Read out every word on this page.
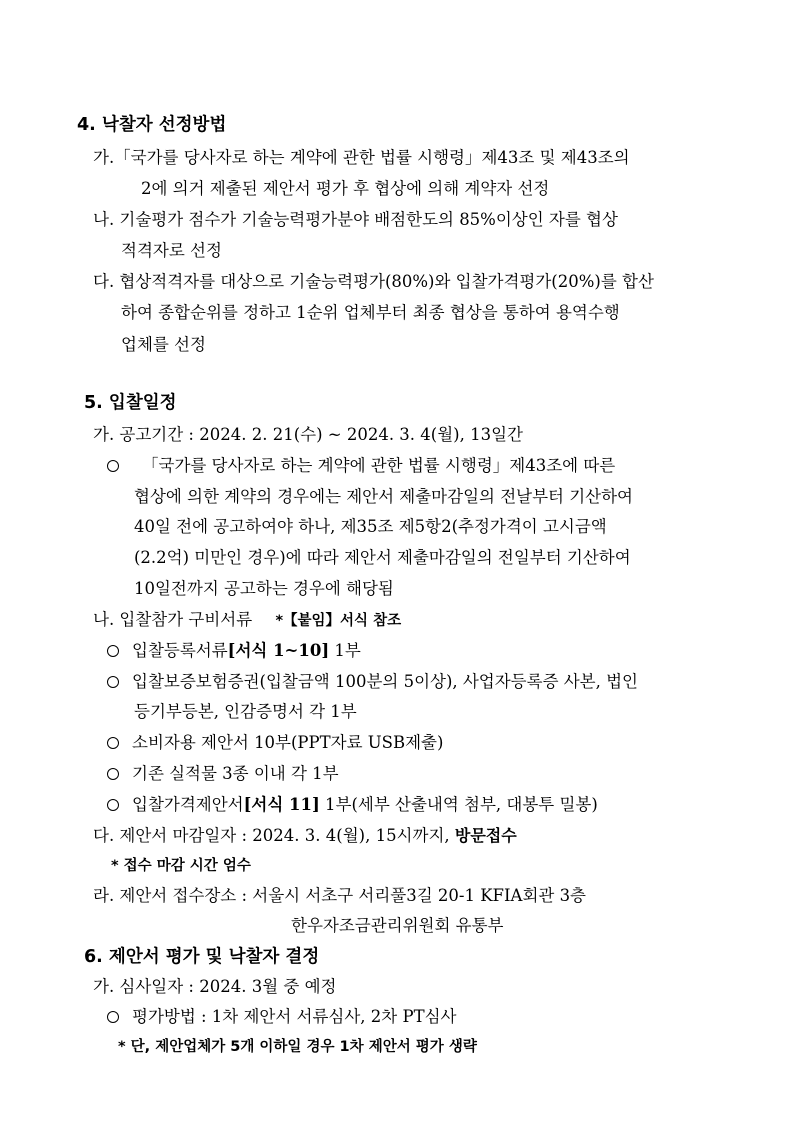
4. 낙찰자 선정방법
가.「국가를 당사자로 하는 계약에 관한 법률 시행령」제43조 및 제43조의
2에 의거 제출된 제안서 평가 후 협상에 의해 계약자 선정
나. 기술평가 점수가 기술능력평가분야 배점한도의 85%이상인 자를 협상
적격자로 선정
다. 협상적격자를 대상으로 기술능력평가(80%)와 입찰가격평가(20%)를 합산
하여 종합순위를 정하고 1순위 업체부터 최종 협상을 통하여 용역수행
업체를 선정
5. 입찰일정
가. 공고기간 : 2024. 2. 21(수) ~ 2024. 3. 4(월), 13일간
「국가를 당사자로 하는 계약에 관한 법률 시행령」제43조에 따른
협상에 의한 계약의 경우에는 제안서 제출마감일의 전날부터 기산하여
40일 전에 공고하여야 하나, 제35조 제5항2(추정가격이 고시금액
(2.2억) 미만인 경우)에 따라 제안서 제출마감일의 전일부터 기산하여
10일전까지 공고하는 경우에 해당됨
나. 입찰참가 구비서류 *【붙임】서식 참조
입찰등록서류[서식 1~10] 1부
입찰보증보험증권(입찰금액 100분의 5이상), 사업자등록증 사본, 법인
등기부등본, 인감증명서 각 1부
소비자용 제안서 10부(PPT자료 USB제출)
기존 실적물 3종 이내 각 1부
입찰가격제안서[서식 11] 1부(세부 산출내역 첨부, 대봉투 밀봉)
다. 제안서 마감일자 : 2024. 3. 4(월), 15시까지, 방문접수
* 접수 마감 시간 엄수
라. 제안서 접수장소 : 서울시 서초구 서리풀3길 20-1 KFIA회관 3층
한우자조금관리위원회 유통부
6. 제안서 평가 및 낙찰자 결정
가. 심사일자 : 2024. 3월 중 예정
평가방법 : 1차 제안서 서류심사, 2차 PT심사
* 단, 제안업체가 5개 이하일 경우 1차 제안서 평가 생략
